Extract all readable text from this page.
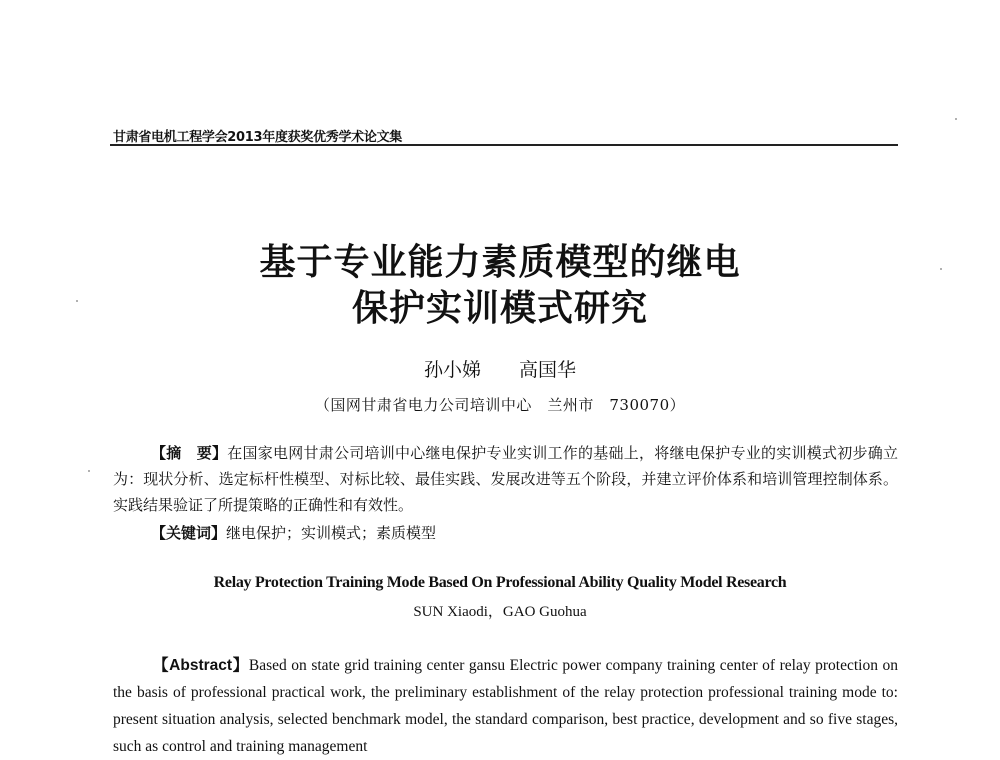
甘肃省电机工程学会2013年度获奖优秀学术论文集
基于专业能力素质模型的继电
保护实训模式研究
孙小娣 高国华
（国网甘肃省电力公司培训中心　兰州市　730070）
【摘　要】在国家电网甘肃公司培训中心继电保护专业实训工作的基础上，将继电保护专业的实训模式初步确立为：现状分析、选定标杆性模型、对标比较、最佳实践、发展改进等五个阶段，并建立评价体系和培训管理控制体系。实践结果验证了所提策略的正确性和有效性。
【关键词】继电保护；实训模式；素质模型
Relay Protection Training Mode Based On Professional Ability Quality Model Research
SUN Xiaodi，GAO Guohua
【Abstract】Based on state grid training center gansu Electric power company training center of relay protection on the basis of professional practical work, the preliminary establishment of the relay protection professional training mode to: present situation analysis, selected benchmark model, the standard comparison, best practice, development and so five stages, such as control and training management
